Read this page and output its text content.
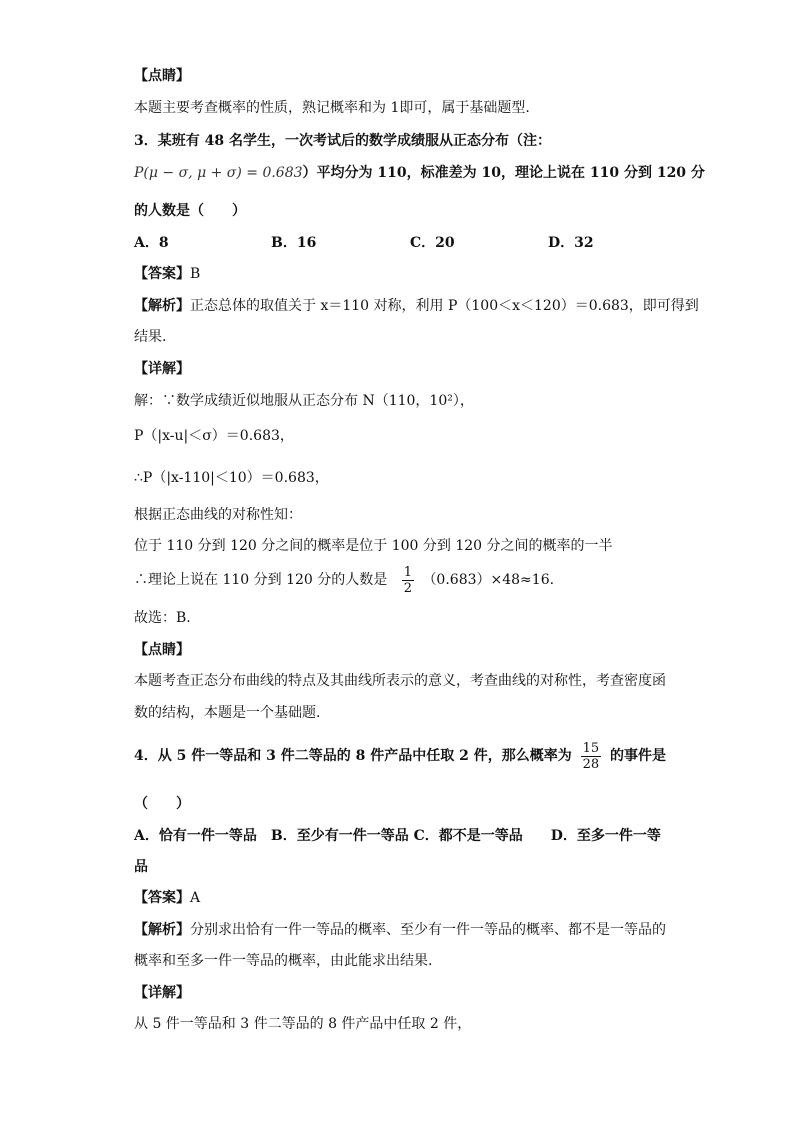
【点睛】
本题主要考查概率的性质，熟记概率和为 1即可，属于基础题型.
3．某班有 48 名学生，一次考试后的数学成绩服从正态分布（注：
P(μ − σ, μ + σ) = 0.683）平均分为 110，标准差为 10，理论上说在 110 分到 120 分
的人数是（　　）
A．8	B．16	C．20	D．32
【答案】B
【解析】正态总体的取值关于 x＝110 对称，利用 P（100＜x＜120）＝0.683，即可得到
结果.
【详解】
解：∵数学成绩近似地服从正态分布 N（110，10²），
P（|x-u|＜σ）＝0.683，
∴P（|x-110|＜10）＝0.683，
根据正态曲线的对称性知：
位于 110 分到 120 分之间的概率是位于 100 分到 120 分之间的概率的一半
∴理论上说在 110 分到 120 分的人数是 $\frac{1}{2} (0.683)\times 48\approx 16$.
故选：B.
【点睛】
本题考查正态分布曲线的特点及其曲线所表示的意义，考查曲线的对称性，考查密度函
数的结构，本题是一个基础题.
4．从 5 件一等品和 3 件二等品的 8 件产品中任取 2 件，那么概率为 $\frac{15}{28}$ 的事件是
（　　）
A．恰有一件一等品　B．至少有一件一等品 C．都不是一等品　　D．至多一件一等
品
【答案】A
【解析】分别求出恰有一件一等品的概率、至少有一件一等品的概率、都不是一等品的
概率和至多一件一等品的概率，由此能求出结果.
【详解】
从 5 件一等品和 3 件二等品的 8 件产品中任取 2 件，
